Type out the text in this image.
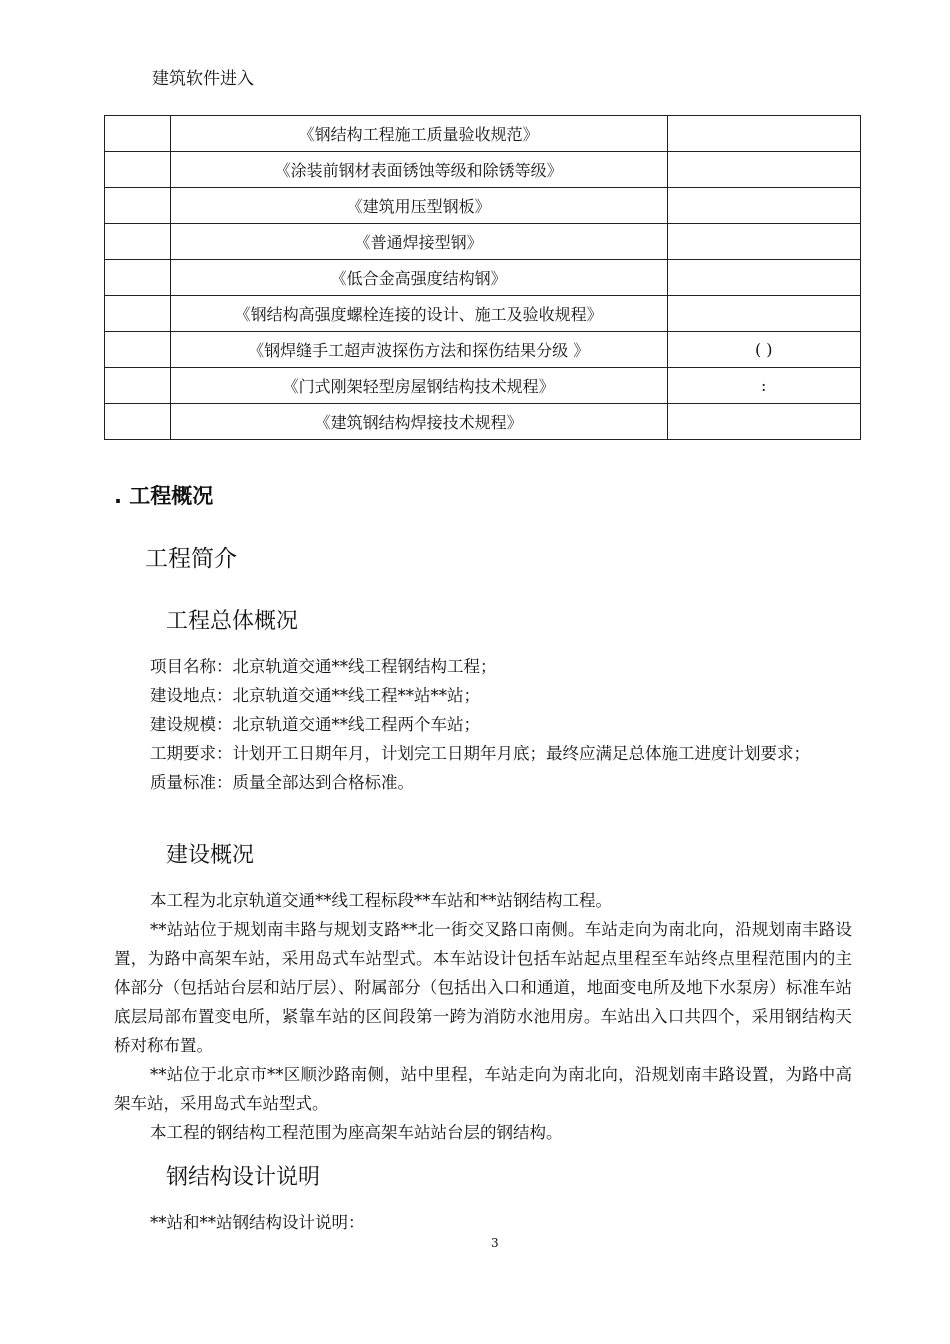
建筑软件进入
	《钢结构工程施工质量验收规范》	
	《涂装前钢材表面锈蚀等级和除锈等级》	
	《建筑用压型钢板》	
	《普通焊接型钢》	
	《低合金高强度结构钢》	
	《钢结构高强度螺栓连接的设计、施工及验收规程》	
	《钢焊缝手工超声波探伤方法和探伤结果分级 》	( )
	《门式刚架轻型房屋钢结构技术规程》	:
	《建筑钢结构焊接技术规程》	
. 工程概况
工程简介
工程总体概况

项目名称：北京轨道交通**线工程钢结构工程；

建设地点：北京轨道交通**线工程**站**站；

建设规模：北京轨道交通**线工程两个车站；

工期要求：计划开工日期年月，计划完工日期年月底；最终应满足总体施工进度计划要求；

质量标准：质量全部达到合格标准。

建设概况

本工程为北京轨道交通**线工程标段**车站和**站钢结构工程。

**站站位于规划南丰路与规划支路**北一街交叉路口南侧。车站走向为南北向，沿规划南丰路设置，为路中高架车站，采用岛式车站型式。本车站设计包括车站起点里程至车站终点里程范围内的主体部分（包括站台层和站厅层）、附属部分（包括出入口和通道，地面变电所及地下水泵房）标准车站底层局部布置变电所，紧靠车站的区间段第一跨为消防水池用房。车站出入口共四个，采用钢结构天桥对称布置。

**站位于北京市**区顺沙路南侧，站中里程，车站走向为南北向，沿规划南丰路设置，为路中高架车站，采用岛式车站型式。

本工程的钢结构工程范围为座高架车站站台层的钢结构。

钢结构设计说明

**站和**站钢结构设计说明：

3
